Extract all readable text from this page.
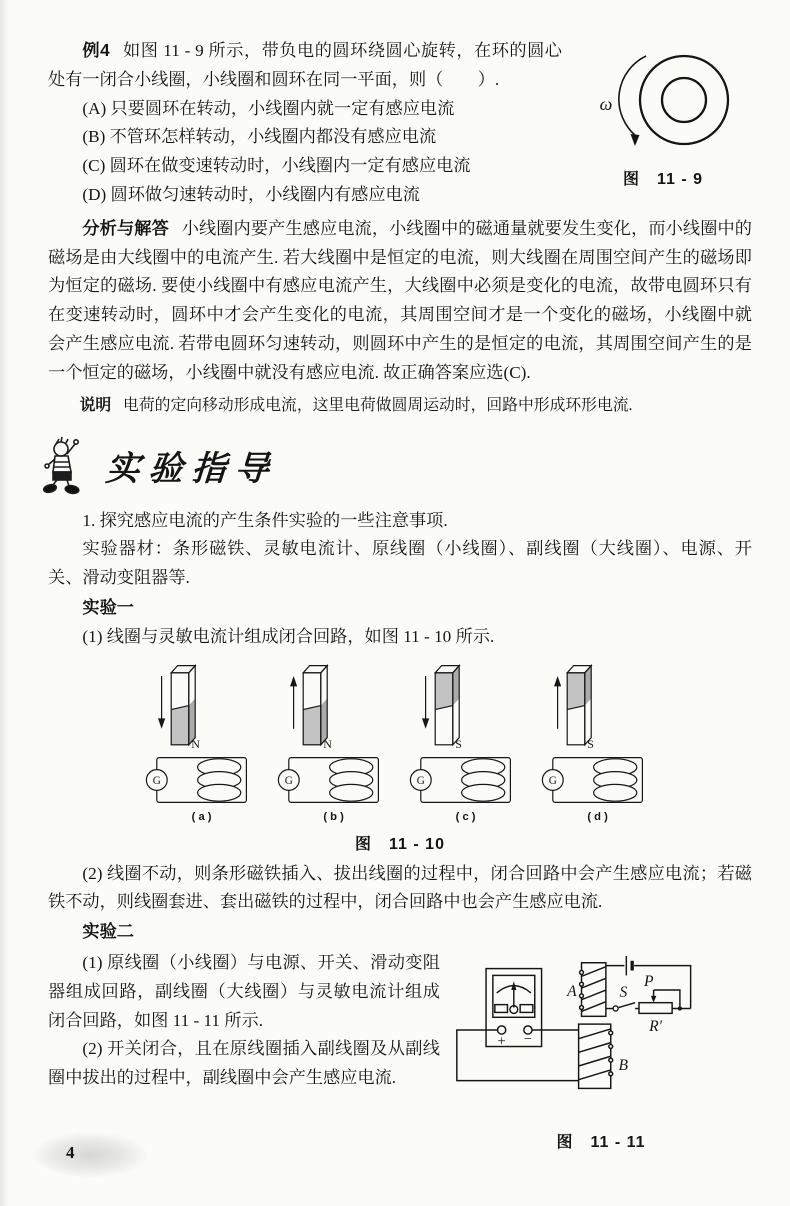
ω
图　11 - 9

例4 如图 11 - 9 所示，带负电的圆环绕圆心旋转，在环的圆心处有一闭合小线圈，小线圈和圆环在同一平面，则（　　）.

(A) 只要圆环在转动，小线圈内就一定有感应电流

(B) 不管环怎样转动，小线圈内都没有感应电流

(C) 圆环在做变速转动时，小线圈内一定有感应电流

(D) 圆环做匀速转动时，小线圈内有感应电流

分析与解答 小线圈内要产生感应电流，小线圈中的磁通量就要发生变化，而小线圈中的磁场是由大线圈中的电流产生. 若大线圈中是恒定的电流，则大线圈在周围空间产生的磁场即为恒定的磁场. 要使小线圈中有感应电流产生，大线圈中必须是变化的电流，故带电圆环只有在变速转动时，圆环中才会产生变化的电流，其周围空间才是一个变化的磁场，小线圈中就会产生感应电流. 若带电圆环匀速转动，则圆环中产生的是恒定的电流，其周围空间产生的是一个恒定的磁场，小线圈中就没有感应电流. 故正确答案应选(C).

说明 电荷的定向移动形成电流，这里电荷做圆周运动时，回路中形成环形电流.

实验指导

1. 探究感应电流的产生条件实验的一些注意事项.

实验器材：条形磁铁、灵敏电流计、原线圈（小线圈）、副线圈（大线圈）、电源、开关、滑动变阻器等.

实验一

(1) 线圈与灵敏电流计组成闭合回路，如图 11 - 10 所示.

N
G
( a )
N
G
( b )
S
G
( c )
S
G
( d )
图　11 - 10

(2) 线圈不动，则条形磁铁插入、拔出线圈的过程中，闭合回路中会产生感应电流；若磁铁不动，则线圈套进、套出磁铁的过程中，闭合回路中也会产生感应电流.

实验二

+ −
B
A	S
P
R′
图　11 - 11

(1) 原线圈（小线圈）与电源、开关、滑动变阻器组成回路，副线圈（大线圈）与灵敏电流计组成闭合回路，如图 11 - 11 所示.

(2) 开关闭合，且在原线圈插入副线圈及从副线圈中拔出的过程中，副线圈中会产生感应电流.

4
